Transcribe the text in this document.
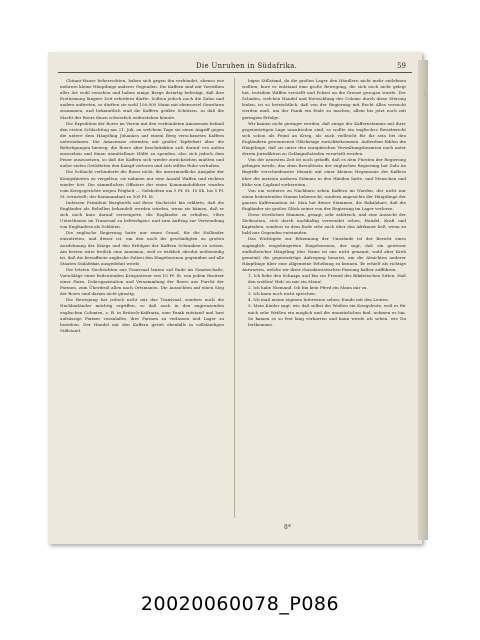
Die Unruhen in Südafrika.	59

Chitani-Hause beherrschten, haben sich gegen ihn verbündet, ebenso wie mehrere kleine Häuptlinge anderer Gegenden. Die Kaffern sind mit Vorräthen aller Art wohl versehen und haben einige Berge derartig befestigt, daß ihre Erstürmung längere Zeit erfordern dürfte. Sollten jedoch noch die Zulus und andere auftreten, so dürften sie wohl 100,000 Mann mit ebensoviel Gewehren zusammen, und bekanntlich sind die Kaffern geübte Schützen, so daß die Macht der Boers ihnen schwerlich widerstehen könnte.

Die Expedition der Boers im Verein mit den verbündeten Amaswazis befand den ersten Schlachttag am 21. Juli, an welchem Tage sie einen Angriff gegen die untere dem Häuptling Johannes auf einem Berg verschanzten Kaffern unternahmen. Die Amaswazis stürmten mit großer Tapferkeit über die Befestigungen hinweg; die Boers aber beschränkten sich darauf von außen zuzusehen und ihnen unmittelbare Hülfe zu spenden, also sich jedoch dem Feuer auszusetzen, so daß die Kaffern sich wieder zurückziehen mußten und außer vielen Getödteten den Kampf verloren und sich stillen Ruhe verhalten.

Die Schlacht verhinderte die Boers nicht, die unvermeidliche Ausgabe der Königsfürsten zu vergelten; sie nahmen nur eine Anzahl Waffen und rückten wieder fort. Die sämmtlichen Offiziere der einen Kommandoführer wurden vom Kriegsgerichte wegen Feigheit — Gulshofern um 5 Pf. St. 10 Sh. bis 5 Pf. St. verurteilt; der Kommandant zu 500 Pf. St.

Indessen Präsident Burgherds auf diese Nachricht hin erklärte, daß die Engländer als Rebellen behandelt werden würden, wenn sie kämen, daß er sich noch kurz darauf verweigerte, die Engländer zu erhalten, »Ihre Unterthanen im Transvaal zu befriedigen« und zum Auftrag zur Verwendung von Engländern als Soldaten.

Die englische Regierung hatte nur einen Grund, für die Holländer einzutreten, und dieser ist, um den noch ihr geschädigten zu großen Ausdehnung der Kriegs und den Erfolgen der Kaffern Schranken zu setzen. Am besten wäre freilich eine Annexion, weil es wirklich absolut nothwendig ist, daß die bewaffnete englische Polizei den Eingeborenen gegenüber auf alle Staaten Südafrikas ausgedehnt werde.

Die letzten Nachrichten aus Transvaal lauten auf Ende im Staatsschaße, Vorschläge einer bedeutenden Kriegssteuer von 10 Pf. St. von jedem Besitzer einer Farm, Dobrogazistation und Versammlung der Boers aus Furcht der Farmen, zum Überdruß allen nach Ortsmanen. Die Aussichten auf einen Sieg der Boers sind darum nicht günstig.

Die Bewegung hat jedoch nicht nur das Transvaal, sondern auch die Nachbarländer mächtig ergriffen, so daß auch in den angrenzenden englischen Colonien, z. B. in Britisch-Kaffraria, eine Panik entstand und hart aufsässige Farmer veranlaßte, ihre Farmen zu verlassen und Lager zu beziehen. Der Handel mit den Kaffern geriet ebenfalls in vollständigen Stillstand.

bigen Stillstand, da die großen Lager den Händlern nicht mehr entlehnen wollten; kurz es entstand eine große Bewegung, die sich noch nicht gelegt hat, trotzdem Waffen verstellt und Polizei an die Grenze gezogen wurde. Der Schaden, welchen Handel und Entwicklung der Colonie durch diese Störung leiden, ist so beträchtlich, daß von der Regierung mit Recht Alles versucht werden muß, um der Panik ein Ende zu machen; allein bis jetzt noch mit geringem Erfolge.

Wir kamen nicht geringer werden, daß einige der Kaffernstämme mit ihrer gegenwärtigen Lage unzufrieden sind; so wollte ein englisches Reisebericht sich schon als Feind an Krieg, als auch vielleicht für ihr sein bei den Engländern gewonnenen Glückstage zurückbekommen. Außerdem fühlen die Häuptlinge, daß sie unter den europäischen Verwaltungsbeamten nach unter derem Jurisdiktion zu Gefängnißstrafen verurteilt werden.

Von der neuesten Zeit ist noch gehofft, daß es dem Fürsten der Regierung gelingen werde, das oben Bewußtsein der englischen Regierung hat Zulu im Begriffe verschiedenster Monate mit einer kleinen Hegemonie der Kaffern über die meisten anderen Stämme in den Händen hatte, und Menschen und Kühe von Capland vorbereiten.

Von ein weiteres zu Nachbarn sehen Kaffern im Norden, der nicht nur einen bedeutenden Stamm beherrscht, sondern angesichts der Häuptlinge der ganzen Kaffernnation ist. Man hat dieser Stämmen, die Bakalahari, daß die Engländer sie großes Glück seiner von der Regierung im Lager verloren.

Diese tröstlichen Stimmen, gesagt, sehr zahlreich, und eine Aussicht der Zivilisation, sich durch nachhaltig verwendet sehen, Handel, Kraft und Kapitalien, sondern zu dem Ende sehr auch über den Afrikaner ließ, wenn zu bald nur Gegenden entstanden.

Das Wichtigste zur Erkennung der Umstände ist der Bericht eines zugänglich eingebürgerten Eingeborenen, der sagt, daß ein gewisser einflußreicher Häuptling (der Name ist uns nicht genannt, wohl aber Kreli gemeint) die gegenwärtige Aufregung benutzt, um die Absichten anderer Häuptlinge über eine allgemeine Erhebung zu kennen. Er erhielt als richtige Antworten, welche wir ihrer charakteristischen Fassung halber aufführen.

1. Ich liebe den Schnaps und bin ein Freund des Rikdetischen Sitten; Haß den weißen! Hab' zu mir ein Mann!

2. Ich habe Niemand. Ich bin kein Pferd ein Mann mir zu.

3. Ich kann noch nicht sprechen.

4. Ich muß meine eigenen Interessen sehen; Kunde mit den Leuten.

5. Mein Kinder sagt: wir, daß selbst die Weißen ein Kriegsleute, weil es für mich sehr Weißen ein moglich und die unnatürlichen find, nehmen es hin. So kamen es so fest lang verharren und kann werde ich sehen, wie Du fortkommst.

8*
t
20020060078_P086
